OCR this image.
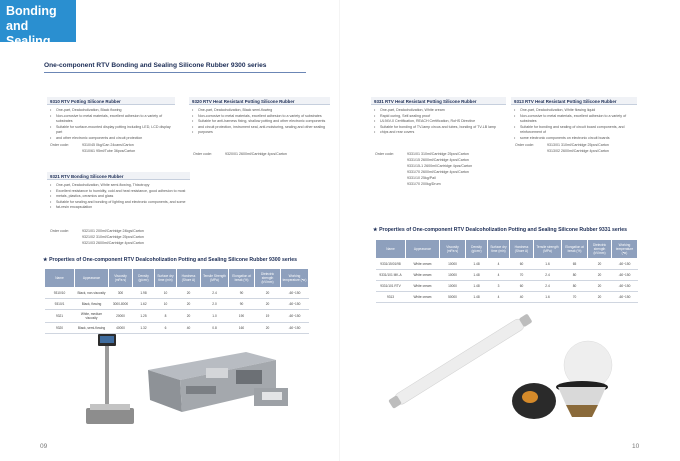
Bonding and
Sealing
One-component RTV Bonding and Sealing Silicone Rubber 9300 series
9310 RTV Potting Silicone Rubber
• One-part, Dealcoholization, Black flowing
• Non-corrosive to metal materials, excellent adhesion to a variety of substrates
• Suitable for surface-mounted display potting including LED, LCD display part
• and other electronic components and circuit protection
Order code:	9310/45 0kg/Can 24cans/Carton
9310/61 95ml/Tube 36pcs/Carton
9320 RTV Heat Resistant Potting Silicone Rubber
• One-part, Dealcoholization, Black semi-flowing
• Non-corrosive to metal materials, excellent adhesion to a variety of substrates
• Suitable for anti-harness fixing, shallow potting and other electronic components
• and circuit protection, instrument seal, anti-moisturing, sealing and other sealing
• purposes
Order code:	9320/01 2600ml/Cartridge 4pcs/Carton
9331 RTV Heat Resistant Potting Silicone Rubber
• One-part, Dealcoholization, White cream
• Rapid curing, Self-sealing proof
• UL94V-0 Certification, REACH Certification, RoHS Directive
• Suitable for bonding of TV-lamp circus and tubes, bonding of TV-LB lamp
• chips and rear covers
Order code:	9331/01 310ml/Cartridge 25pcs/Carton
9331/15 2600ml/Cartridge 4pcs/Carton
9331/15-1 2600ml/Cartridge 4pcs/Carton
9331/70 2600ml/Cartridge 4pcs/Carton
9331/10 25kg/Pail
9331/70 200kg/Drum
9313 RTV Heat Resistant Potting Silicone Rubber
• One-part, Dealcoholization, White flowing liquid
• Non-corrosive to metal materials, excellent adhesion to a variety of substrates
• Suitable for bonding and sealing of circuit board components, and reinforcement of
• some electronic components on electronic circuit boards
Order code:	9313/01 310ml/Cartridge 25pcs/Carton
9313/02 2600ml/Cartridge 4pcs/Carton
9321 RTV Bonding Silicone Rubber
• One-part, Dealcoholization, White semi-flowing, Thixotropy
• Excellent resistance to humidity, cold and heat resistance, good adhesion to most
• metals, plastics, ceramics and glass
• Suitable for sealing and bonding of lighting and electronic components, and some
• fat-resin encapsulation
Order code:	9321/01 200ml/Cartridge 24kgs/Carton
9321/02 310ml/Cartridge 25pcs/Carton
9321/03 2600ml/Cartridge 4pcs/Carton
★ Properties of One-component RTV Dealcoholization Potting and Sealing Silicone Rubber 9300 series
Name	Appearance	Viscosity (mPa·s)	Density (g/cm³)	Surface dry time (min)	Hardness (Shore A)	Tensile Strength (MPa)	Elongation at break (%)	Dielectric strength (kV/mm)	Working temperature (℃)
9310/10	Black, non-viscosity	300	1.98	10	20	2.4	90	20	-60~150
9310/1	Black, flowing	3000-8000	1.62	10	20	2.0	90	20	-60~150
9321	White, medium viscosity	20000	1.25	8	20	1.0	190	19	-60~150
9320	Black, semi-flowing	40000	1.32	6	40	0.8	160	20	-60~150
★ Properties of One-component RTV Dealcoholization Potting and Sealing Silicone Rubber 9331 series
Name	Appearance	Viscosity (mPa·s)	Density (g/cm³)	Surface dry time (min)	Hardness (Shore A)	Tensile strength (MPa)	Elongation at break (%)	Dielectric strength (kV/mm)	Working temperature (℃)
9331/15/01/98	White cream	10000	1.48	4	60	1.6	65	20	-60~150
9331/101 MK-A	White cream	10000	1.48	4	70	2.4	80	20	-60~150
9331/101 RTV	White cream	10000	1.48	3	60	2.4	80	20	-60~150
9313	White cream	50000	1.48	4	40	1.6	70	20	-60~150
09	10
